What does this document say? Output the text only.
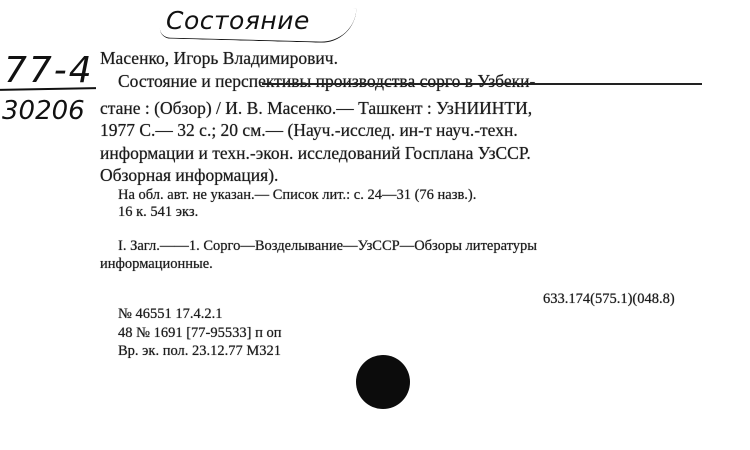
Состояние
77-4
30206
Масенко, Игорь Владимирович.
Состояние и перспективы производства сорго в Узбеки-
стане : (Обзор) / И. В. Масенко.— Ташкент : УзНИИНТИ,
1977 С.— 32 с.; 20 см.— (Науч.-исслед. ин-т науч.-техн.
информации и техн.-экон. исследований Госплана УзССР.
Обзорная информация).
На обл. авт. не указан.— Список лит.: с. 24—31 (76 назв.).
16 к. 541 экз.
I. Загл.——1. Сорго—Возделывание—УзССР—Обзоры литературы
информационные.
633.174(575.1)(048.8)
№ 46551 17.4.2.1
48 № 1691 [77-95533] п оп
Вр. эк. пол. 23.12.77 М321
